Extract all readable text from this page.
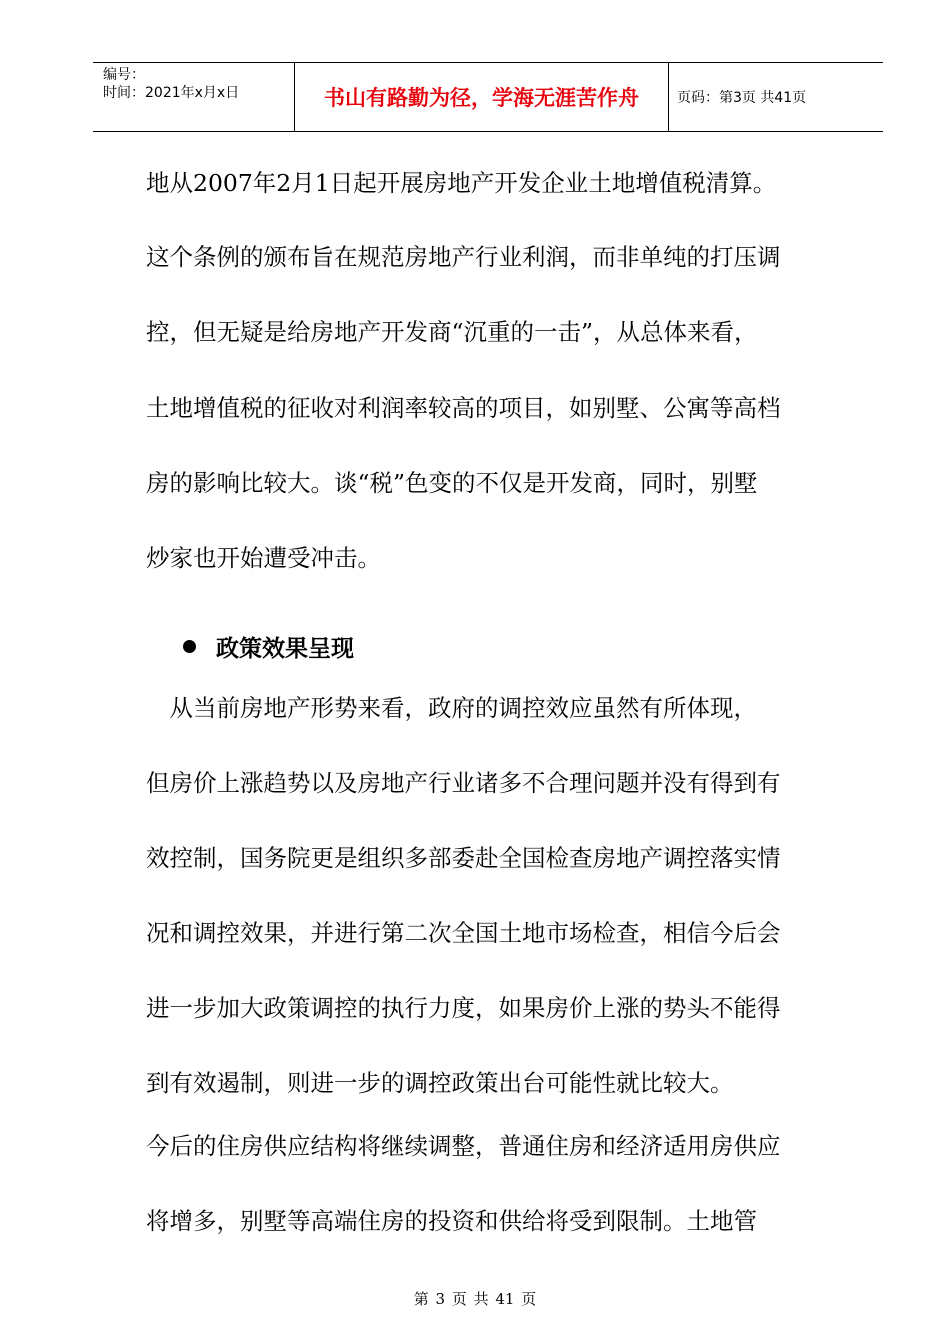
编号：
时间：2021年x月x日	书山有路勤为径，学海无涯苦作舟	页码：第3页 共41页

地从2007年2月1日起开展房地产开发企业土地增值税清算。

这个条例的颁布旨在规范房地产行业利润，而非单纯的打压调

控，但无疑是给房地产开发商“沉重的一击”，从总体来看，

土地增值税的征收对利润率较高的项目，如别墅、公寓等高档

房的影响比较大。谈“税”色变的不仅是开发商，同时，别墅

炒家也开始遭受冲击。

政策效果呈现

　从当前房地产形势来看，政府的调控效应虽然有所体现，

但房价上涨趋势以及房地产行业诸多不合理问题并没有得到有

效控制，国务院更是组织多部委赴全国检查房地产调控落实情

况和调控效果，并进行第二次全国土地市场检查，相信今后会

进一步加大政策调控的执行力度，如果房价上涨的势头不能得

到有效遏制，则进一步的调控政策出台可能性就比较大。

今后的住房供应结构将继续调整，普通住房和经济适用房供应

将增多，别墅等高端住房的投资和供给将受到限制。土地管

第 3 页 共 41 页
